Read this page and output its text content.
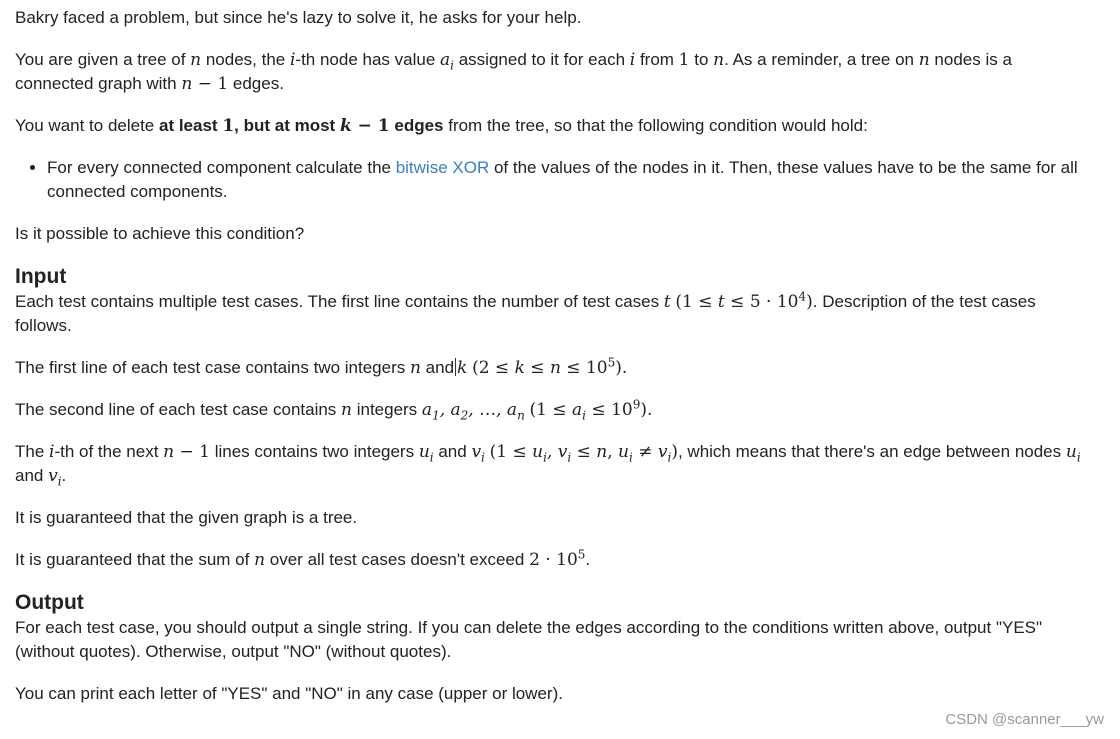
Bakry faced a problem, but since he's lazy to solve it, he asks for your help.

You are given a tree of n nodes, the i-th node has value $a_i$ assigned to it for each i from 1 to n. As a reminder, a tree on n nodes is a connected graph with n − 1 edges.

You want to delete at least 1, but at most k − 1 edges from the tree, so that the following condition would hold:

• For every connected component calculate the bitwise XOR of the values of the nodes in it. Then, these values have to be the same for all connected components.

Is it possible to achieve this condition?

Input

Each test contains multiple test cases. The first line contains the number of test cases t $(1 \le t \le 5 \cdot 10^4)$. Description of the test cases follows.

The first line of each test case contains two integers n and k $(2 \le k \le n \le 10^5)$.

The second line of each test case contains n integers $a_1$, $a_2$, …, $a_n$ $(1 \le a_i \le 10^9)$.

The i-th of the next n − 1 lines contains two integers $u_i$ and $v_i$ ($1 \le u_i$, $v_i \le n$, $u_i \ne v_i$), which means that there's an edge between nodes $u_i$ and $v_i$.

It is guaranteed that the given graph is a tree.

It is guaranteed that the sum of n over all test cases doesn't exceed $2 \cdot 10^5$.

Output

For each test case, you should output a single string. If you can delete the edges according to the conditions written above, output "YES" (without quotes). Otherwise, output "NO" (without quotes).

You can print each letter of "YES" and "NO" in any case (upper or lower).

CSDN @scanner___yw
